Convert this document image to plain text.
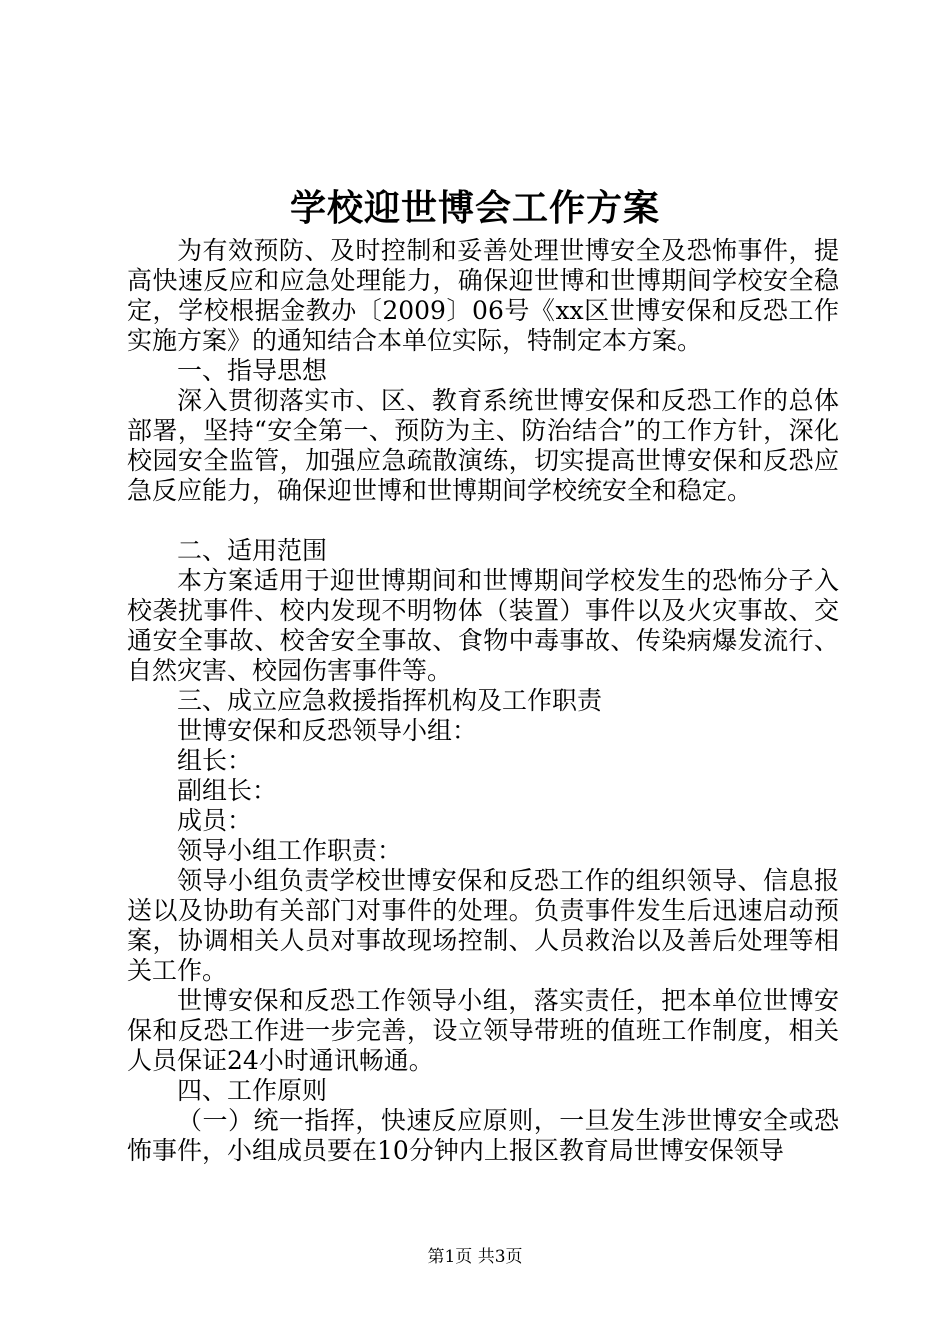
学校迎世博会工作方案

为有效预防、及时控制和妥善处理世博安全及恐怖事件，提高快速反应和应急处理能力，确保迎世博和世博期间学校安全稳定，学校根据金教办〔2009〕06号《xx区世博安保和反恐工作实施方案》的通知结合本单位实际，特制定本方案。

一、指导思想

深入贯彻落实市、区、教育系统世博安保和反恐工作的总体部署，坚持“安全第一、预防为主、防治结合”的工作方针，深化校园安全监管，加强应急疏散演练，切实提高世博安保和反恐应急反应能力，确保迎世博和世博期间学校统安全和稳定。

二、适用范围

本方案适用于迎世博期间和世博期间学校发生的恐怖分子入校袭扰事件、校内发现不明物体（装置）事件以及火灾事故、交通安全事故、校舍安全事故、食物中毒事故、传染病爆发流行、自然灾害、校园伤害事件等。

三、成立应急救援指挥机构及工作职责

世博安保和反恐领导小组：

组长：

副组长：

成员：

领导小组工作职责：

领导小组负责学校世博安保和反恐工作的组织领导、信息报送以及协助有关部门对事件的处理。负责事件发生后迅速启动预案，协调相关人员对事故现场控制、人员救治以及善后处理等相关工作。

世博安保和反恐工作领导小组，落实责任，把本单位世博安保和反恐工作进一步完善，设立领导带班的值班工作制度，相关人员保证24小时通讯畅通。

四、工作原则

（一）统一指挥，快速反应原则，一旦发生涉世博安全或恐怖事件，小组成员要在10分钟内上报区教育局世博安保领导

第1页 共3页
